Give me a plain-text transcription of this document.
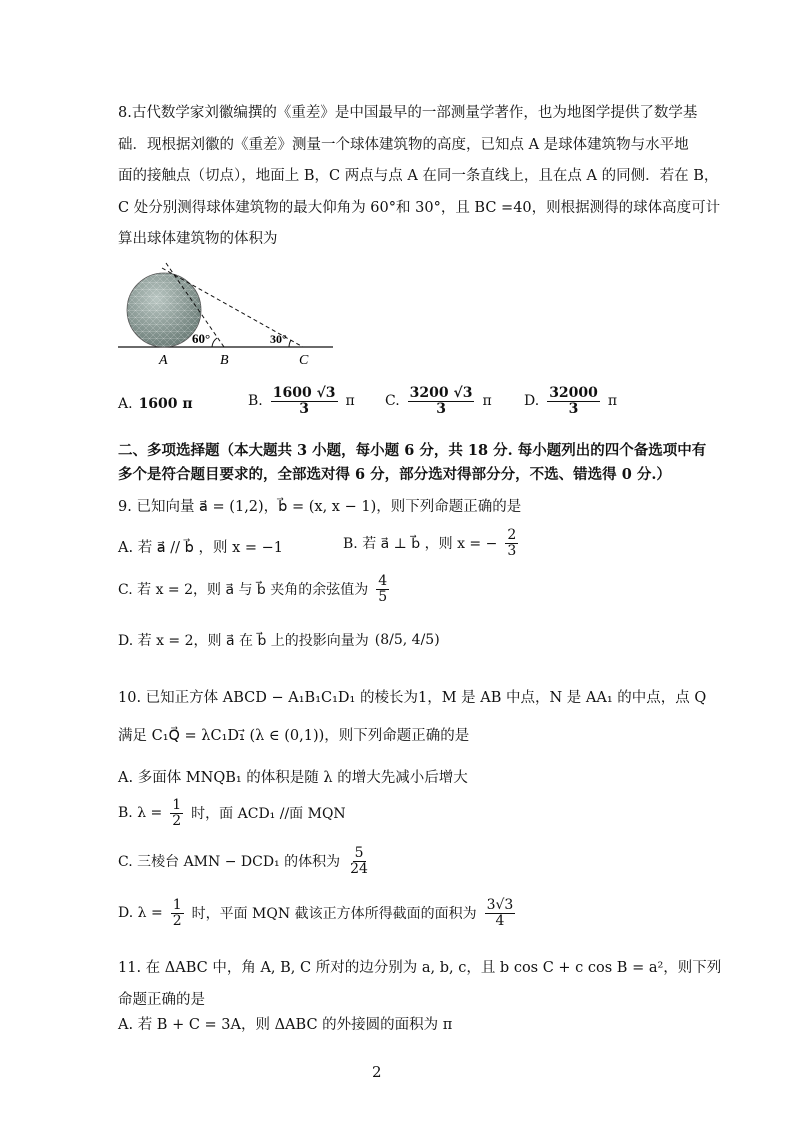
8.古代数学家刘徽编撰的《重差》是中国最早的一部测量学著作，也为地图学提供了数学基
础．现根据刘徽的《重差》测量一个球体建筑物的高度，已知点 A 是球体建筑物与水平地
面的接触点（切点），地面上 B，C 两点与点 A 在同一条直线上，且在点 A 的同侧．若在 B，
C 处分别测得球体建筑物的最大仰角为 60°和 30°，且 BC =40，则根据测得的球体高度可计
算出球体建筑物的体积为
60°	30°
A	B	C
A. 1600 π	B. $\frac{1600 √3}{3}$ π C. $\frac{3200 √3}{3}$ π D. $\frac{32000}{3}$ π
二、多项选择题（本大题共 3 小题，每小题 6 分，共 18 分. 每小题列出的四个备选项中有
多个是符合题目要求的，全部选对得 6 分，部分选对得部分分，不选、错选得 0 分.）
9. 已知向量 a⃗ = (1,2)，b⃗ = (x, x − 1)，则下列命题正确的是
A. 若 a⃗ // b⃗ ，则 x = −1	B. 若 a⃗ ⊥ b⃗ ，则 x = − $\frac{2}{3}$
C. 若 x = 2，则 a⃗ 与 b⃗ 夹角的余弦值为 $\frac{4}{5}$
D. 若 x = 2，则 a⃗ 在 b⃗ 上的投影向量为 (8/5, 4/5)
10. 已知正方体 ABCD − A₁B₁C₁D₁ 的棱长为1，M 是 AB 中点，N 是 AA₁ 的中点，点 Q
满足 C₁Q⃗ = λC₁D₁⃗ (λ ∈ (0,1))，则下列命题正确的是
A. 多面体 MNQB₁ 的体积是随 λ 的增大先减小后增大
B. $\lambda = \frac{1}{2}$ 时，面 ACD₁ //面 MQN
C. 三棱台 AMN − DCD₁ 的体积为 $\frac{5}{24}$
D. $\lambda = \frac{1}{2}$ 时，平面 MQN 截该正方体所得截面的面积为 $\frac{3√3}{4}$
11. 在 ΔABC 中，角 A, B, C 所对的边分别为 a, b, c，且 b cos C + c cos B = a²，则下列
命题正确的是
A. 若 B + C = 3A，则 ΔABC 的外接圆的面积为 π
2
